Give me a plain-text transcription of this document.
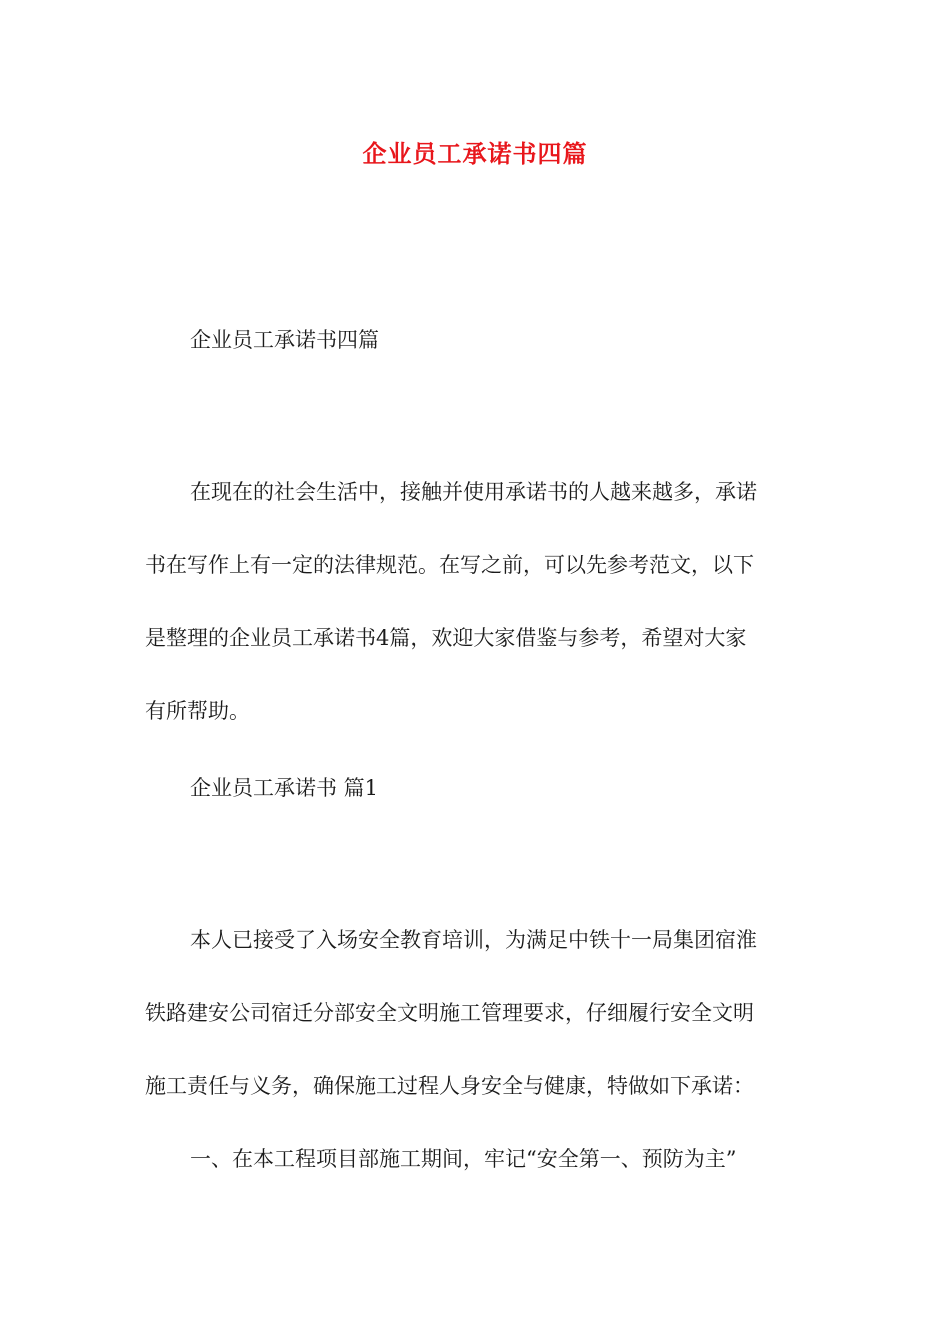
企业员工承诺书四篇
企业员工承诺书四篇
在现在的社会生活中，接触并使用承诺书的人越来越多，承诺
书在写作上有一定的法律规范。在写之前，可以先参考范文，以下
是整理的企业员工承诺书4篇，欢迎大家借鉴与参考，希望对大家
有所帮助。
企业员工承诺书 篇1
本人已接受了入场安全教育培训，为满足中铁十一局集团宿淮
铁路建安公司宿迁分部安全文明施工管理要求，仔细履行安全文明
施工责任与义务，确保施工过程人身安全与健康，特做如下承诺：
一、在本工程项目部施工期间，牢记“安全第一、预防为主”
